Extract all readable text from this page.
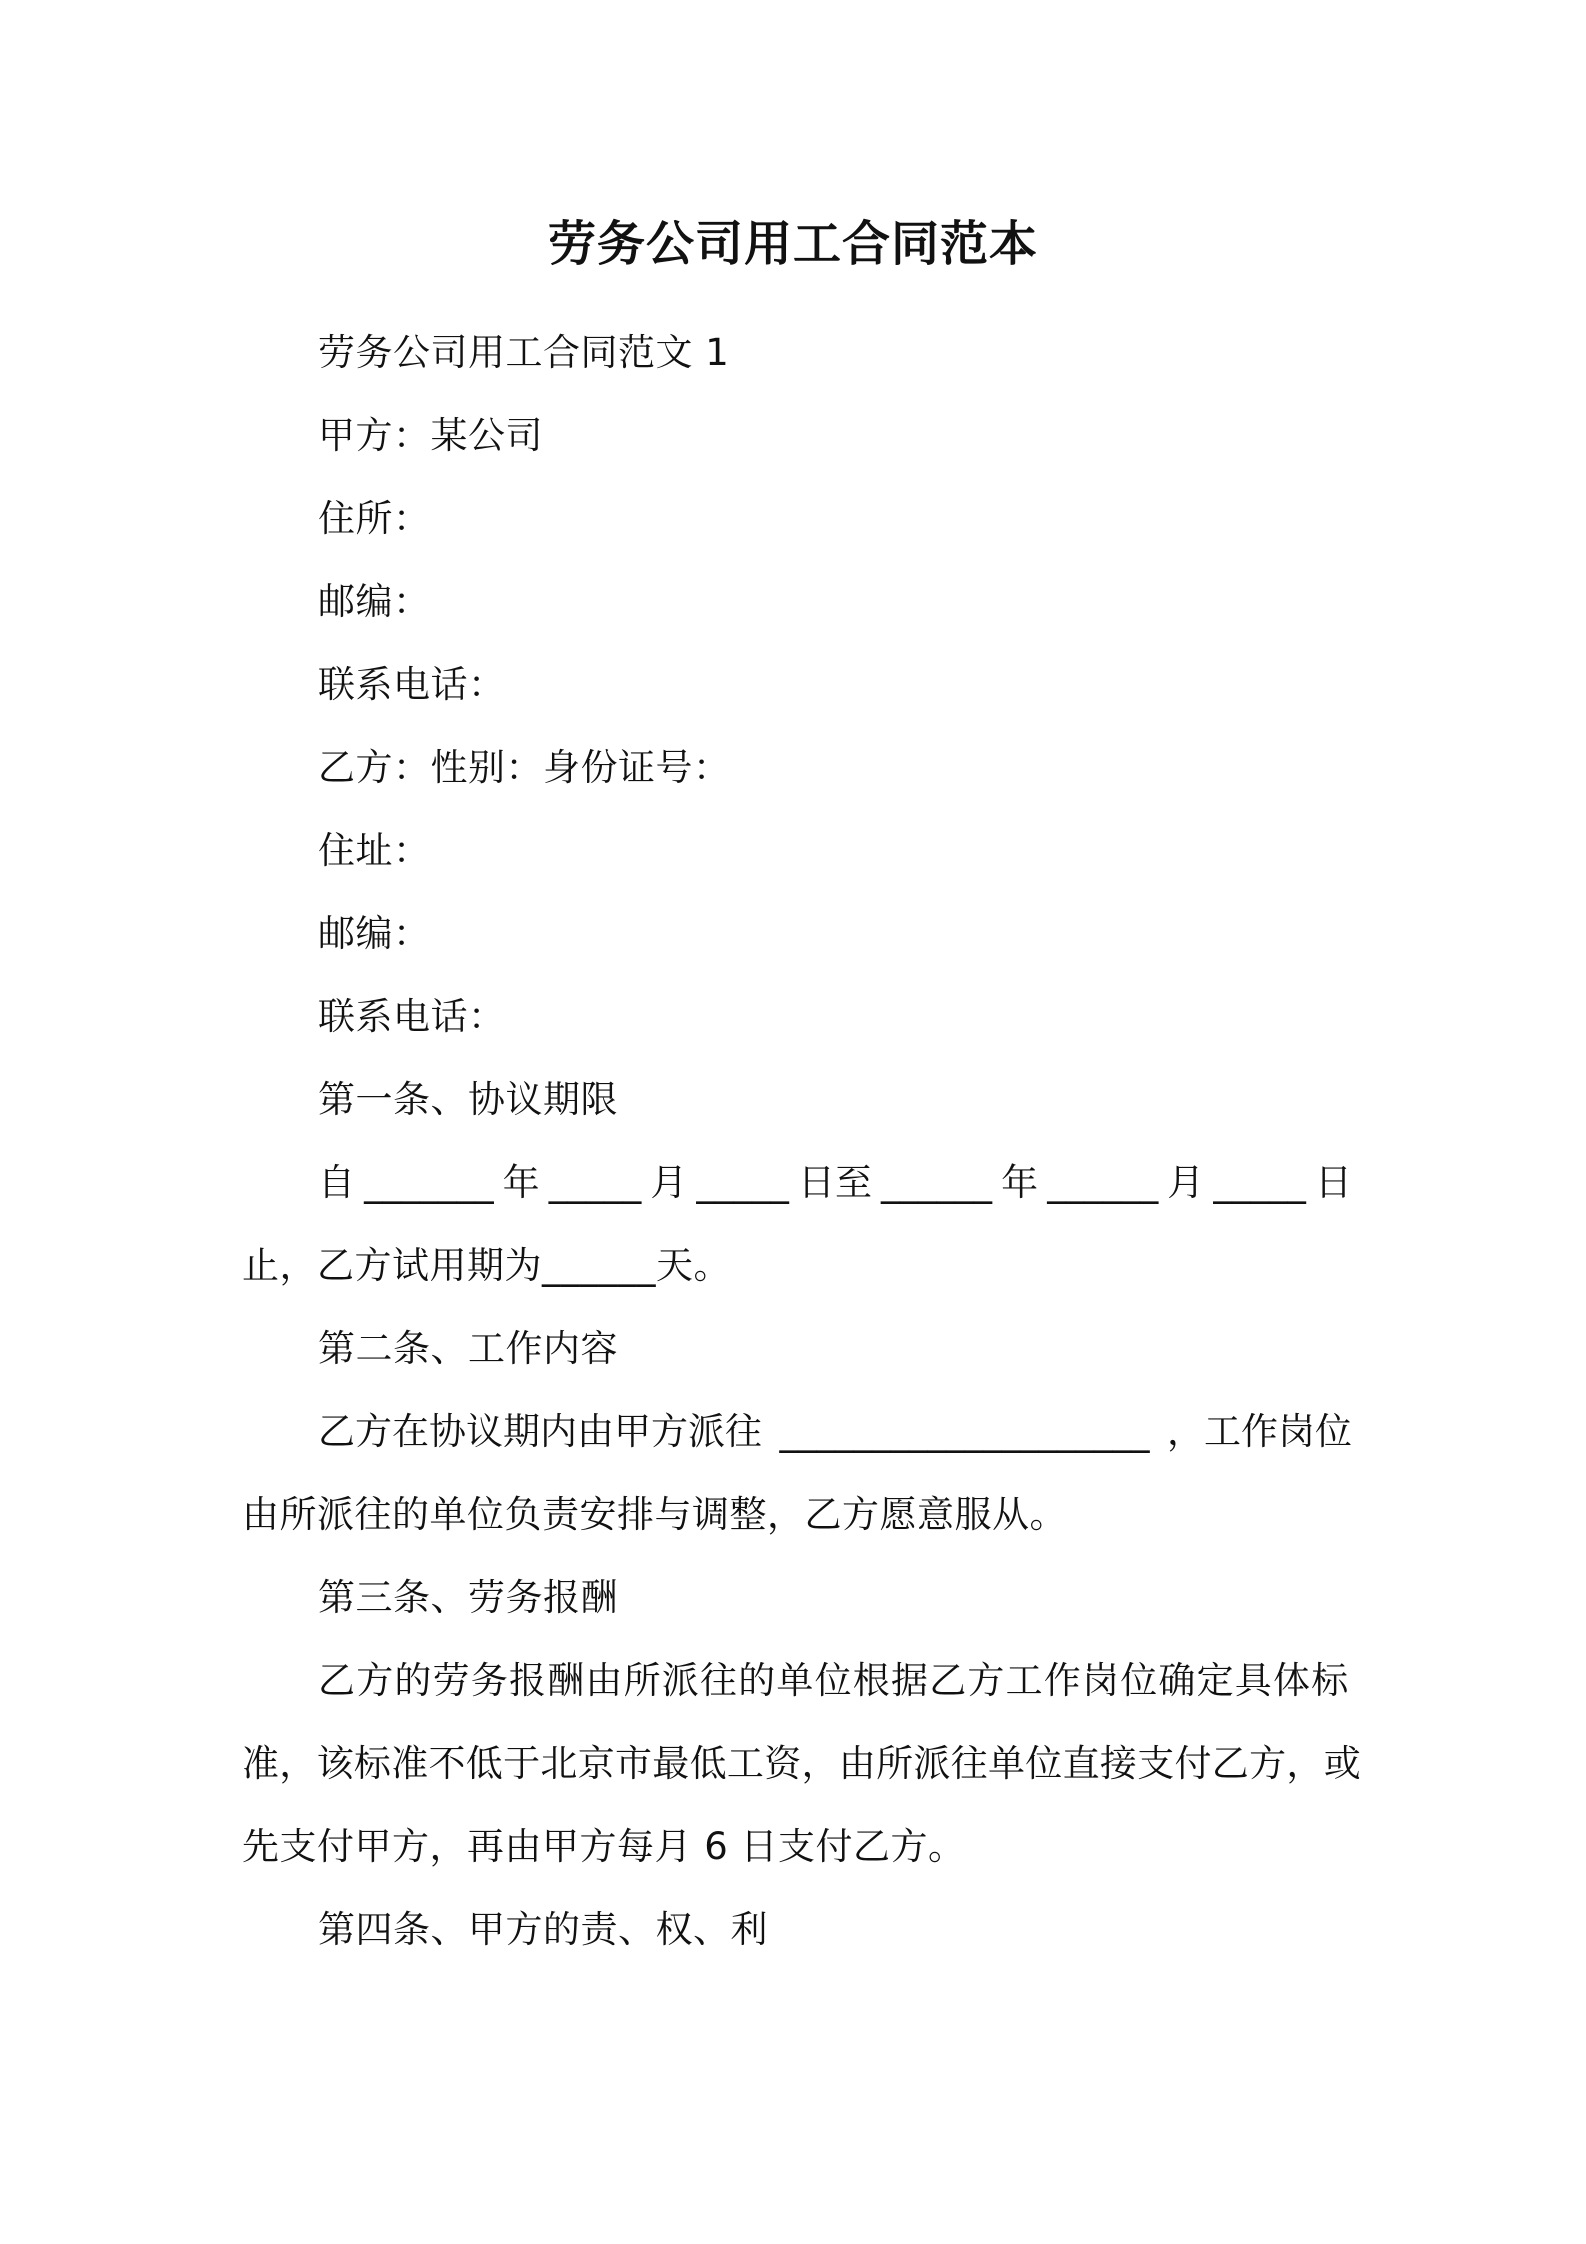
劳务公司用工合同范本
劳务公司用工合同范文 1
甲方：某公司
住所：
邮编：
联系电话：
乙方：性别：身份证号：
住址：
邮编：
联系电话：
第一条、协议期限
自 _______ 年 _____ 月 _____ 日至 ______ 年 ______ 月 _____ 日
止，乙方试用期为______天。
第二条、工作内容
乙方在协议期内由甲方派往 ____________________ ，工作岗位
由所派往的单位负责安排与调整，乙方愿意服从。
第三条、劳务报酬
乙方的劳务报酬由所派往的单位根据乙方工作岗位确定具体标
准，该标准不低于北京市最低工资，由所派往单位直接支付乙方，或
先支付甲方，再由甲方每月 6 日支付乙方。
第四条、甲方的责、权、利
